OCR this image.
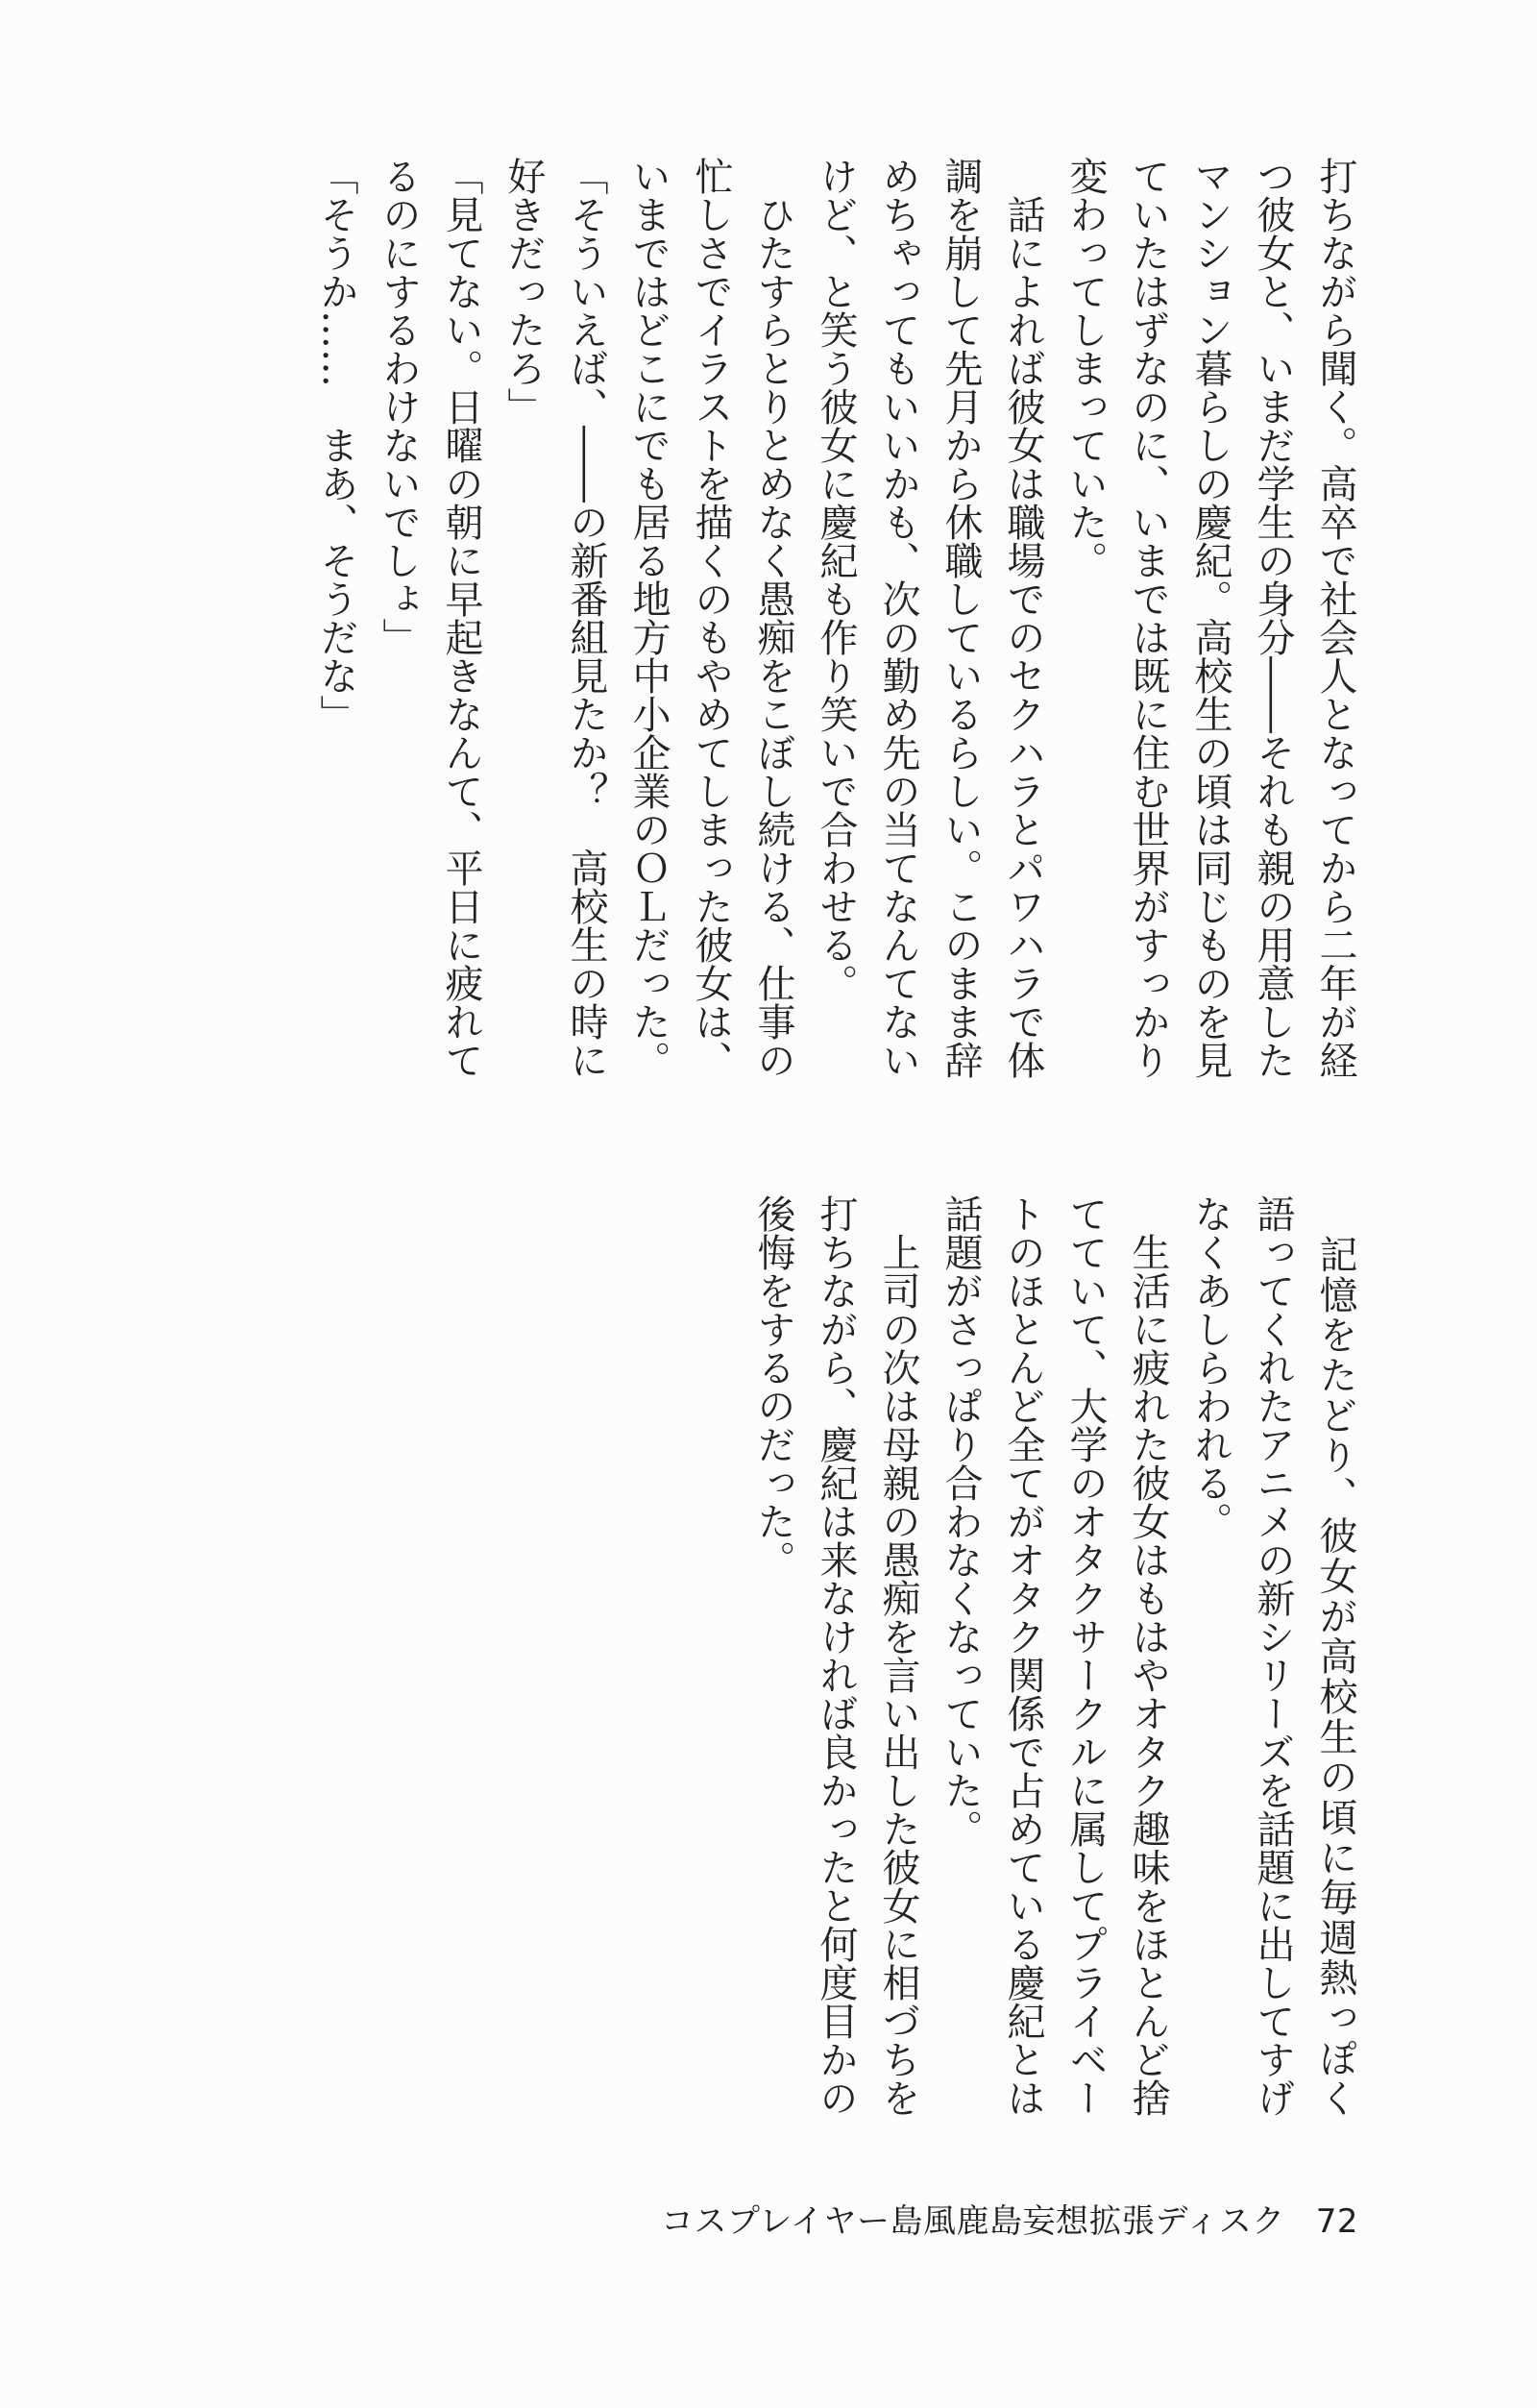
打ちながら聞く。高卒で社会人となってから二年が経

つ彼女と、いまだ学生の身分――それも親の用意した

マンション暮らしの慶紀。高校生の頃は同じものを見

ていたはずなのに、いまでは既に住む世界がすっかり

変わってしまっていた。

　話によれば彼女は職場でのセクハラとパワハラで体

調を崩して先月から休職しているらしい。このまま辞

めちゃってもいいかも、次の勤め先の当てなんてない

けど、と笑う彼女に慶紀も作り笑いで合わせる。

　ひたすらとりとめなく愚痴をこぼし続ける、仕事の

忙しさでイラストを描くのもやめてしまった彼女は、

いまではどこにでも居る地方中小企業のＯＬだった。

「そういえば、――の新番組見たか？　高校生の時に

好きだったろ」

「見てない。日曜の朝に早起きなんて、平日に疲れて

るのにするわけないでしょ」

「そうか……　まあ、そうだな」

　記憶をたどり、彼女が高校生の頃に毎週熱っぽく

語ってくれたアニメの新シリーズを話題に出してすげ

なくあしらわれる。

　生活に疲れた彼女はもはやオタク趣味をほとんど捨

てていて、大学のオタクサークルに属してプライベー

トのほとんど全てがオタク関係で占めている慶紀とは

話題がさっぱり合わなくなっていた。

　上司の次は母親の愚痴を言い出した彼女に相づちを

打ちながら、慶紀は来なければ良かったと何度目かの

後悔をするのだった。

コスプレイヤー島風鹿島妄想拡張ディスク 72
